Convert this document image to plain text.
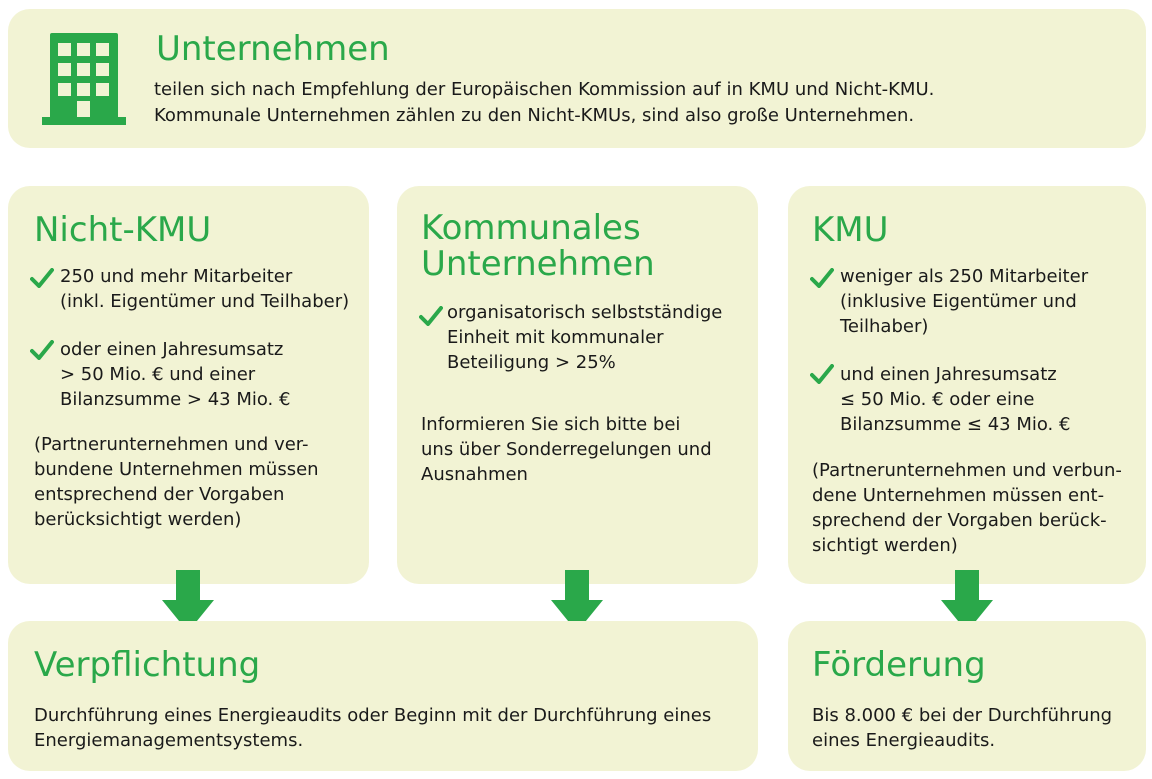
Unternehmen

teilen sich nach Empfehlung der Europäischen Kommission auf in KMU und Nicht-KMU.

Kommunale Unternehmen zählen zu den Nicht-KMUs, sind also große Unternehmen.

Nicht-KMU

250 und mehr Mitarbeiter
(inkl. Eigentümer und Teilhaber)

oder einen Jahresumsatz
> 50 Mio. € und einer
Bilanzsumme > 43 Mio. €

(Partnerunternehmen und ver-
bundene Unternehmen müssen
entsprechend der Vorgaben
berücksichtigt werden)

Kommunales
Unternehmen

organisatorisch selbstständige
Einheit mit kommunaler
Beteiligung > 25%

Informieren Sie sich bitte bei
uns über Sonderregelungen und
Ausnahmen

KMU

weniger als 250 Mitarbeiter
(inklusive Eigentümer und
Teilhaber)

und einen Jahresumsatz
≤ 50 Mio. € oder eine
Bilanzsumme ≤ 43 Mio. €

(Partnerunternehmen und verbun-
dene Unternehmen müssen ent-
sprechend der Vorgaben berück-
sichtigt werden)

Verpflichtung

Durchführung eines Energieaudits oder Beginn mit der Durchführung eines
Energiemanagementsystems.

Förderung

Bis 8.000 € bei der Durchführung
eines Energieaudits.
